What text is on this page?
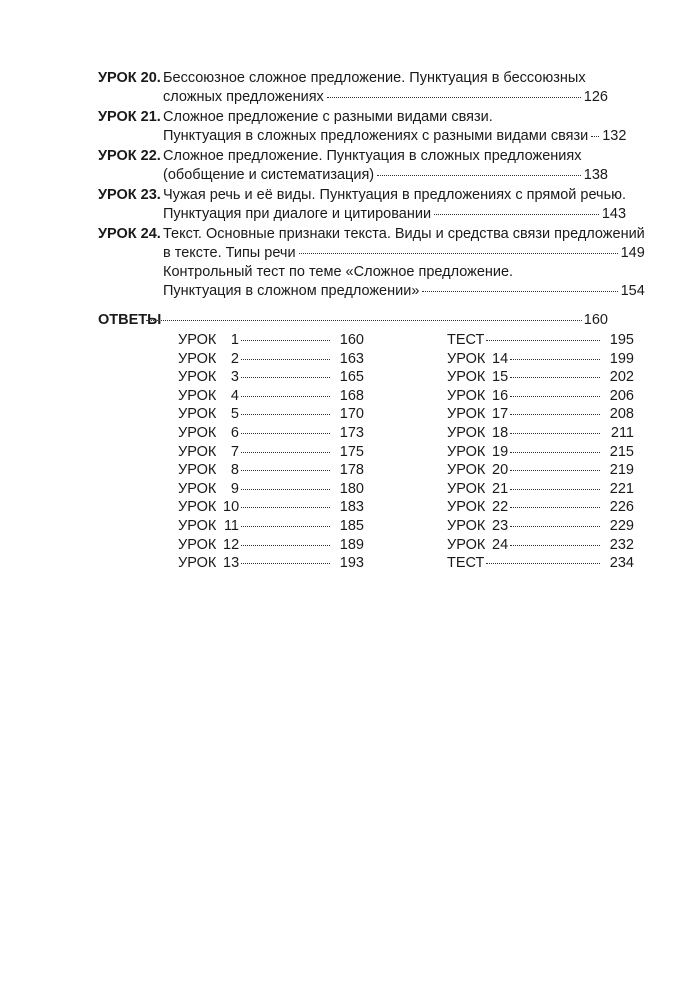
УРОК 20. Бессоюзное сложное предложение. Пунктуация в бессоюзных
сложных предложениях	126
УРОК 21. Сложное предложение с разными видами связи.
Пунктуация в сложных предложениях с разными видами связи 132
УРОК 22. Сложное предложение. Пунктуация в сложных предложениях
(обобщение и систематизация)	138
УРОК 23. Чужая речь и её виды. Пунктуация в предложениях с прямой речью.
Пунктуация при диалоге и цитировании	143
УРОК 24. Текст. Основные признаки текста. Виды и средства связи предложений
в тексте. Типы речи	149
Контрольный тест по теме «Сложное предложение.
Пунктуация в сложном предложении»	154
ОТВЕТЫ	160
УРОК	1	160
УРОК	2	163
УРОК	3	165
УРОК	4	168
УРОК	5	170
УРОК	6	173
УРОК	7	175
УРОК	8	178
УРОК	9	180
УРОК 10	183
УРОК 11	185
УРОК 12	189
УРОК 13	193
ТЕСТ	195
УРОК 14	199
УРОК 15	202
УРОК 16	206
УРОК 17	208
УРОК 18	211
УРОК 19	215
УРОК 20	219
УРОК 21	221
УРОК 22	226
УРОК 23	229
УРОК 24	232
ТЕСТ	234
